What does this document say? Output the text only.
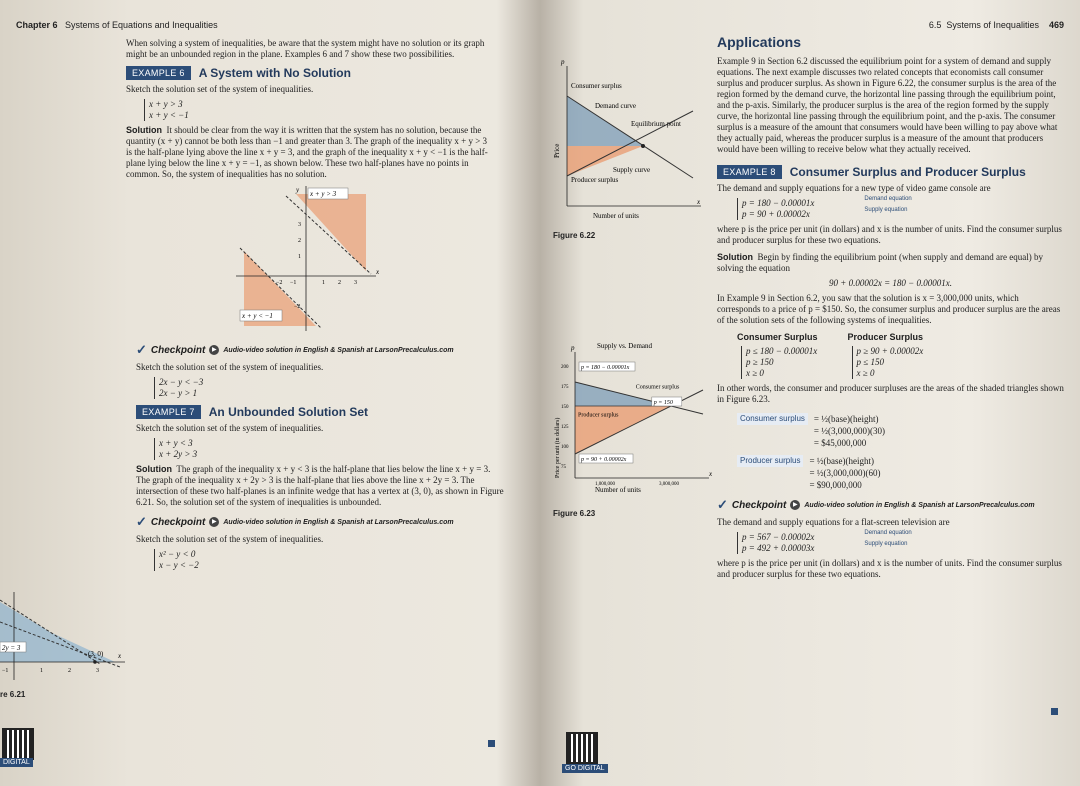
Chapter 6 Systems of Equations and Inequalities

When solving a system of inequalities, be aware that the system might have no solution or its graph might be an unbounded region in the plane. Examples 6 and 7 show these two possibilities.

EXAMPLE 6	A System with No Solution

Sketch the solution set of the system of inequalities.

x + y > 3
x + y < −1

Solution It should be clear from the way it is written that the system has no solution, because the quantity (x + y) cannot be both less than −1 and greater than 3. The graph of the inequality x + y > 3 is the half-plane lying above the line x + y = 3, and the graph of the inequality x + y < −1 is the half-plane lying below the line x + y = −1, as shown below. These two half-planes have no points in common. So, the system of inequalities has no solution.

x + y > 3
x + y < −1
y
x
−2 −1	1 2 3
3
2
1
−2
✓ Checkpoint	▶ Audio-video solution in English & Spanish at LarsonPrecalculus.com

Sketch the solution set of the system of inequalities.

2x − y < −3
2x − y > 1
EXAMPLE 7	An Unbounded Solution Set

Sketch the solution set of the system of inequalities.

x + y < 3
x + 2y > 3

Solution The graph of the inequality x + y < 3 is the half-plane that lies below the line x + y = 3. The graph of the inequality x + 2y > 3 is the half-plane that lies above the line x + 2y = 3. The intersection of these two half-planes is an infinite wedge that has a vertex at (3, 0), as shown in Figure 6.21. So, the solution set of the system of inequalities is unbounded.

✓ Checkpoint	▶ Audio-video solution in English & Spanish at LarsonPrecalculus.com

Sketch the solution set of the system of inequalities.

x² − y < 0
x − y < −2
2y = 3
(3, 0)
−1	1	2	3
x
re 6.21
DIGITAL
Consumer surplus
Demand curve
Equilibrium point
Supply curve
Producer surplus
p
x
Number of units
Price
Figure 6.22
Supply vs. Demand
200
175
150
125
100
75
1,000,000	3,000,000
Number of units
Price per unit (in dollars)
p
x
p = 180 − 0.00001x
p = 90 + 0.00002x
p = 150
Consumer surplus
Producer surplus
Figure 6.23
6.5 Systems of Inequalities 469
Applications

Example 9 in Section 6.2 discussed the equilibrium point for a system of demand and supply equations. The next example discusses two related concepts that economists call consumer surplus and producer surplus. As shown in Figure 6.22, the consumer surplus is the area of the region formed by the demand curve, the horizontal line passing through the equilibrium point, and the p-axis. Similarly, the producer surplus is the area of the region formed by the supply curve, the horizontal line passing through the equilibrium point, and the p-axis. The consumer surplus is a measure of the amount that consumers would have been willing to pay above what they actually paid, whereas the producer surplus is a measure of the amount that producers would have been willing to receive below what they actually received.

EXAMPLE 8	Consumer Surplus and Producer Surplus

The demand and supply equations for a new type of video game console are

p = 180 − 0.00001x
p = 90 + 0.00002x
Demand equation
Supply equation

where p is the price per unit (in dollars) and x is the number of units. Find the consumer surplus and producer surplus for these two equations.

Solution Begin by finding the equilibrium point (when supply and demand are equal) by solving the equation

90 + 0.00002x = 180 − 0.00001x.

In Example 9 in Section 6.2, you saw that the solution is x = 3,000,000 units, which corresponds to a price of p = $150. So, the consumer surplus and producer surplus are the areas of the solution sets of the following systems of inequalities.

Consumer Surplus
p ≤ 180 − 0.00001x
p ≥ 150
x ≥ 0
Producer Surplus
p ≥ 90 + 0.00002x
p ≤ 150
x ≥ 0

In other words, the consumer and producer surpluses are the areas of the shaded triangles shown in Figure 6.23.

Consumer surplus	= ½(base)(height)
= ½(3,000,000)(30)
= $45,000,000
Producer surplus	= ½(base)(height)
= ½(3,000,000)(60)
= $90,000,000
✓ Checkpoint	▶ Audio-video solution in English & Spanish at LarsonPrecalculus.com

The demand and supply equations for a flat-screen television are

p = 567 − 0.00002x
p = 492 + 0.00003x
Demand equation
Supply equation

where p is the price per unit (in dollars) and x is the number of units. Find the consumer surplus and producer surplus for these two equations.

GO DIGITAL
